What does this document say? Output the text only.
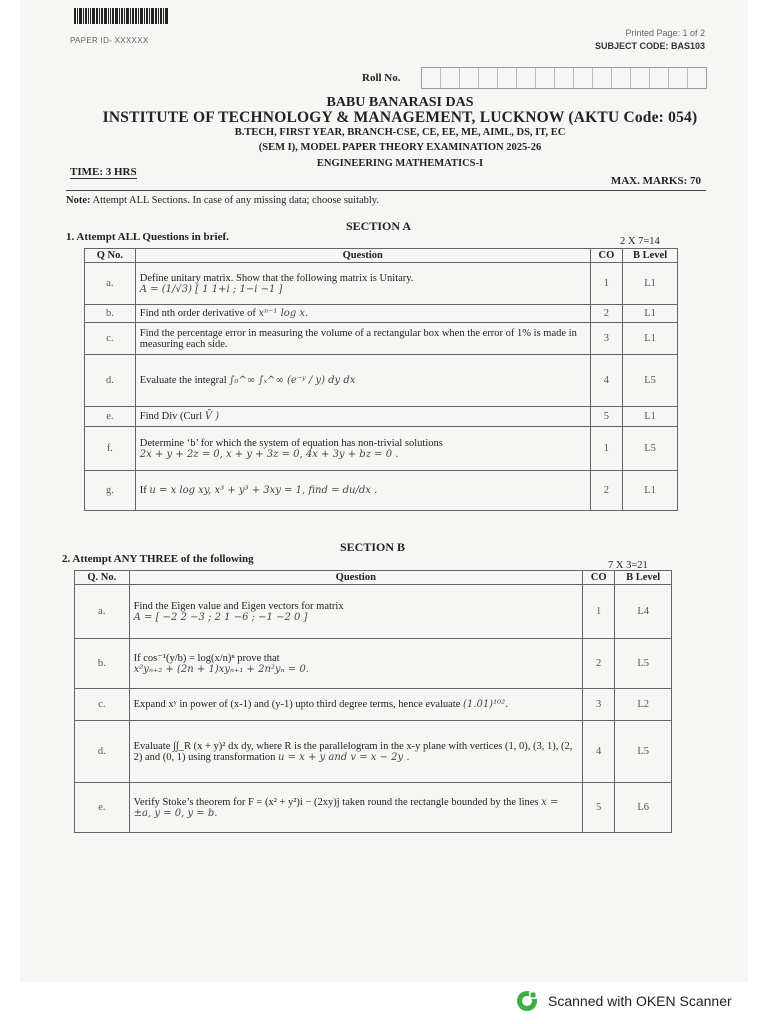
PAPER ID- XXXXXX
Printed Page: 1 of 2
SUBJECT CODE: BAS103
Roll No.
BABU BANARASI DAS
INSTITUTE OF TECHNOLOGY & MANAGEMENT, LUCKNOW (AKTU Code: 054)
B.TECH, FIRST YEAR, BRANCH-CSE, CE, EE, ME, AIML, DS, IT, EC
(SEM I), MODEL PAPER THEORY EXAMINATION 2025-26
ENGINEERING MATHEMATICS-I
TIME: 3 HRS
MAX. MARKS: 70
Note: Attempt ALL Sections. In case of any missing data; choose suitably.
SECTION A
1. Attempt ALL Questions in brief.	2 X 7=14
Q No.	Question	CO	B Level
a.	Define unitary matrix. Show that the following matrix is Unitary.
A = (1/√3) [ 1 1+i ; 1−i −1 ]	1	L1
b.	Find nth order derivative of xⁿ⁻¹ log x.	2	L1
c.	Find the percentage error in measuring the volume of a rectangular box when the error of 1% is made in measuring each side.	3	L1
d.	Evaluate the integral ∫₀^∞ ∫ₓ^∞ (e⁻ʸ / y) dy dx	4	L5
e.	Find Div (Curl V̄ )	5	L1
f.	Determine ‘b’ for which the system of equation has non-trivial solutions
2x + y + 2z = 0, x + y + 3z = 0, 4x + 3y + bz = 0 .	1	L5
g.	If u = x log xy, x³ + y³ + 3xy = 1, find = du/dx .	2	L1
SECTION B
2. Attempt ANY THREE of the following
7 X 3=21
Q. No.	Question	CO	B Level
a.	Find the Eigen value and Eigen vectors for matrix
A = [ −2 2 −3 ; 2 1 −6 ; −1 −2 0 ]	1	L4
b.	If cos⁻¹(y/b) = log(x/n)ⁿ prove that
x²yₙ₊₂ + (2n + 1)xyₙ₊₁ + 2n²yₙ = 0.	2	L5
c.	Expand xʸ in power of (x-1) and (y-1) upto third degree terms, hence evaluate (1.01)¹⁰².	3	L2
d.	Evaluate ∫∫_R (x + y)² dx dy, where R is the parallelogram in the x-y plane with vertices (1, 0), (3, 1), (2, 2) and (0, 1) using transformation u = x + y and v = x − 2y .	4	L5
e.	Verify Stoke’s theorem for F = (x² + y²)i − (2xy)j taken round the rectangle bounded by the lines x = ±a, y = 0, y = b.	5	L6
Scanned with OKEN Scanner
